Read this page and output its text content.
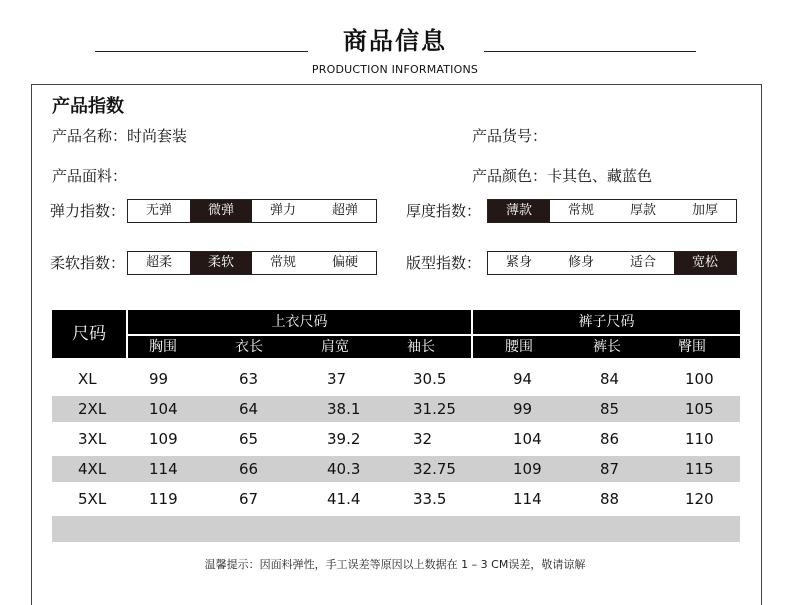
商品信息
PRODUCTION INFORMATIONS
产品指数
产品名称：时尚套装	产品货号：
产品面料：	产品颜色：卡其色、藏蓝色
弹力指数：	无弹	微弹	弹力	超弹	厚度指数：	薄款	常规	厚款	加厚
柔软指数：	超柔	柔软	常规	偏硬	版型指数：	紧身	修身	适合	宽松
尺码
上衣尺码	裤子尺码
胸围	衣长	肩宽	袖长	腰围	裤长	臀围
XL	99	63	37	30.5	94	84	100
2XL	104	64	38.1	31.25	99	85	105
3XL	109	65	39.2	32	104	86	110
4XL	114	66	40.3	32.75	109	87	115
5XL	119	67	41.4	33.5	114	88	120
温馨提示：因面料弹性，手工误差等原因以上数据在 1 – 3 CM误差，敬请谅解
